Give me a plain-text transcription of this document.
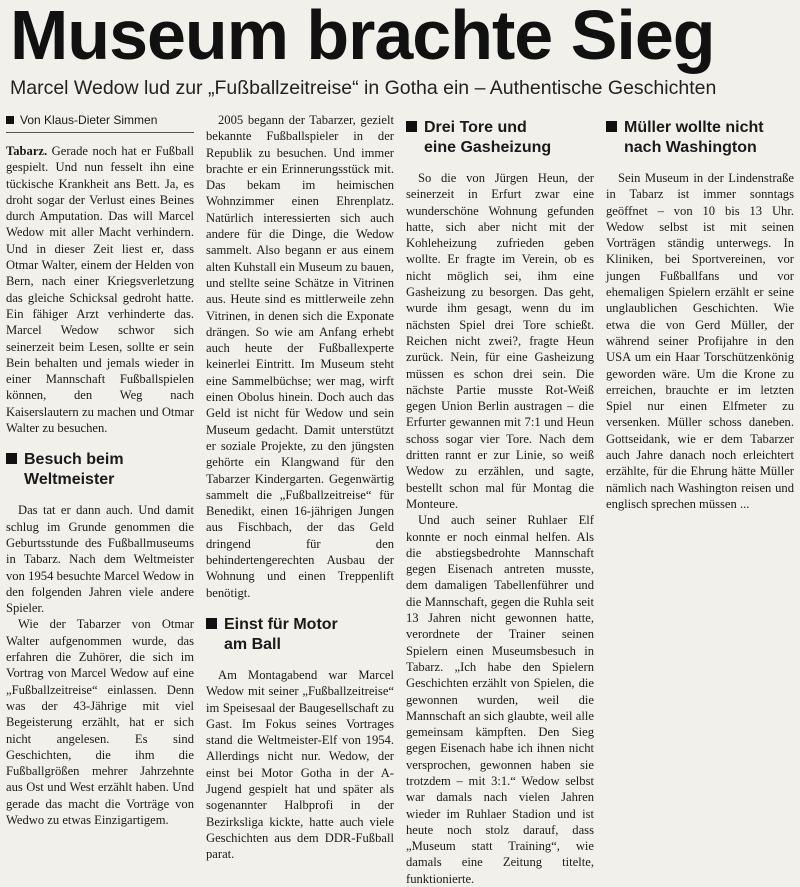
Museum brachte Sieg
Marcel Wedow lud zur „Fußballzeitreise“ in Gotha ein – Authentische Geschichten
Von Klaus-Dieter Simmen

Tabarz. Gerade noch hat er Fußball gespielt. Und nun fesselt ihn eine tückische Krankheit ans Bett. Ja, es droht sogar der Verlust eines Beines durch Amputation. Das will Marcel Wedow mit aller Macht verhindern. Und in dieser Zeit liest er, dass Otmar Walter, einem der Helden von Bern, nach einer Kriegsverletzung das gleiche Schicksal gedroht hatte. Ein fähiger Arzt verhinderte das. Marcel Wedow schwor sich seinerzeit beim Lesen, sollte er sein Bein behalten und jemals wieder in einer Mannschaft Fußballspielen können, den Weg nach Kaiserslautern zu machen und Otmar Walter zu besuchen.

Besuch beim
Weltmeister

Das tat er dann auch. Und damit schlug im Grunde genommen die Geburtsstunde des Fußballmuseums in Tabarz. Nach dem Weltmeister von 1954 besuchte Marcel Wedow in den folgenden Jahren viele andere Spieler.

Wie der Tabarzer von Otmar Walter aufgenommen wurde, das erfahren die Zuhörer, die sich im Vortrag von Marcel Wedow auf eine „Fußballzeitreise“ einlassen. Denn was der 43-Jährige mit viel Begeisterung erzählt, hat er sich nicht angelesen. Es sind Geschichten, die ihm die Fußballgrößen mehrer Jahrzehnte aus Ost und West erzählt haben. Und gerade das macht die Vorträge von Wedwo zu etwas Einzigartigem.

2005 begann der Tabarzer, gezielt bekannte Fußballspieler in der Republik zu besuchen. Und immer brachte er ein Erinnerungsstück mit. Das bekam im heimischen Wohnzimmer einen Ehrenplatz. Natürlich interessierten sich auch andere für die Dinge, die Wedow sammelt. Also begann er aus einem alten Kuhstall ein Museum zu bauen, und stellte seine Schätze in Vitrinen aus. Heute sind es mittlerweile zehn Vitrinen, in denen sich die Exponate drängen. So wie am Anfang erhebt auch heute der Fußballexperte keinerlei Eintritt. Im Museum steht eine Sammelbüchse; wer mag, wirft einen Obolus hinein. Doch auch das Geld ist nicht für Wedow und sein Museum gedacht. Damit unterstützt er soziale Projekte, zu den jüngsten gehörte ein Klangwand für den Tabarzer Kindergarten. Gegenwärtig sammelt die „Fußballzeitreise“ für Benedikt, einen 16-jährigen Jungen aus Fischbach, der das Geld dringend für den behindertengerechten Ausbau der Wohnung und einen Treppenlift benötigt.

Einst für Motor
am Ball

Am Montagabend war Marcel Wedow mit seiner „Fußballzeitreise“ im Speisesaal der Baugesellschaft zu Gast. Im Fokus seines Vortrages stand die Weltmeister-Elf von 1954. Allerdings nicht nur. Wedow, der einst bei Motor Gotha in der A-Jugend gespielt hat und später als sogenannter Halbprofi in der Bezirksliga kickte, hatte auch viele Geschichten aus dem DDR-Fußball parat.

Drei Tore und
eine Gasheizung

So die von Jürgen Heun, der seinerzeit in Erfurt zwar eine wunderschöne Wohnung gefunden hatte, sich aber nicht mit der Kohleheizung zufrieden geben wollte. Er fragte im Verein, ob es nicht möglich sei, ihm eine Gasheizung zu besorgen. Das geht, wurde ihm gesagt, wenn du im nächsten Spiel drei Tore schießt. Reichen nicht zwei?, fragte Heun zurück. Nein, für eine Gasheizung müssen es schon drei sein. Die nächste Partie musste Rot-Weiß gegen Union Berlin austragen – die Erfurter gewannen mit 7:1 und Heun schoss sogar vier Tore. Nach dem dritten rannt er zur Linie, so weiß Wedow zu erzählen, und sagte, bestellt schon mal für Montag die Monteure.

Und auch seiner Ruhlaer Elf konnte er noch einmal helfen. Als die abstiegsbedrohte Mannschaft gegen Eisenach antreten musste, dem damaligen Tabellenführer und die Mannschaft, gegen die Ruhla seit 13 Jahren nicht gewonnen hatte, verordnete der Trainer seinen Spielern einen Museumsbesuch in Tabarz. „Ich habe den Spielern Geschichten erzählt von Spielen, die gewonnen wurden, weil die Mannschaft an sich glaubte, weil alle gemeinsam kämpften. Den Sieg gegen Eisenach habe ich ihnen nicht versprochen, gewonnen haben sie trotzdem – mit 3:1.“ Wedow selbst war damals nach vielen Jahren wieder im Ruhlaer Stadion und ist heute noch stolz darauf, dass „Museum statt Training“, wie damals eine Zeitung titelte, funktionierte.

Müller wollte nicht
nach Washington

Sein Museum in der Lindenstraße in Tabarz ist immer sonntags geöffnet – von 10 bis 13 Uhr. Wedow selbst ist mit seinen Vorträgen ständig unterwegs. In Kliniken, bei Sportvereinen, vor jungen Fußballfans und vor ehemaligen Spielern erzählt er seine unglaublichen Geschichten. Wie etwa die von Gerd Müller, der während seiner Profijahre in den USA um ein Haar Torschützenkönig geworden wäre. Um die Krone zu erreichen, brauchte er im letzten Spiel nur einen Elfmeter zu versenken. Müller schoss daneben. Gottseidank, wie er dem Tabarzer auch Jahre danach noch erleichtert erzählte, für die Ehrung hätte Müller nämlich nach Washington reisen und englisch sprechen müssen ...
